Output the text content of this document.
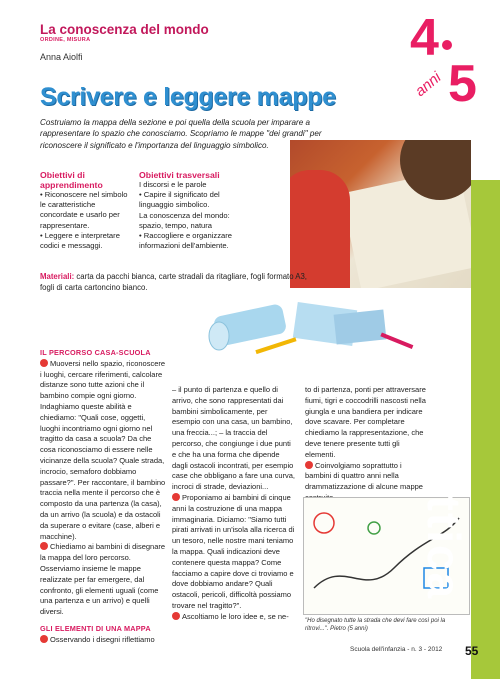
La conoscenza del mondo
ORDINE, MISURA
Anna Aiolfi	4
anni 5
Scrivere e leggere mappe
Costruiamo la mappa della sezione e poi quella della scuola per imparare a rappresentare lo spazio che conosciamo. Scopriamo le mappe "dei grandi" per riconoscere il significato e l'importanza del linguaggio simbolico.
Obiettivi di apprendimento
• Riconoscere nel simbolo le caratteristiche concordate e usarlo per rappresentare.
• Leggere e interpretare codici e messaggi.
Obiettivi trasversali
I discorsi e le parole
• Capire il significato del linguaggio simbolico.
La conoscenza del mondo: spazio, tempo, natura
• Raccogliere e organizzare informazioni dell'ambiente.
Materiali: carta da pacchi bianca, carte stradali da ritagliare, fogli formato A3, fogli di carta cartoncino bianco.
IL PERCORSO CASA-SCUOLA
Muoversi nello spazio, riconoscere i luoghi, cercare riferimenti, calcolare distanze sono tutte azioni che il bambino compie ogni giorno. Indaghiamo queste abilità e chiediamo: "Quali cose, oggetti, luoghi incontriamo ogni giorno nel tragitto da casa a scuola? Da che cosa riconosciamo di essere nelle vicinanze della scuola? Quale strada, incrocio, semaforo dobbiamo passare?". Per raccontare, il bambino traccia nella mente il percorso che è composto da una partenza (la casa), da un arrivo (la scuola) e da ostacoli da superare o evitare (case, alberi e macchine).
Chiediamo ai bambini di disegnare la mappa del loro percorso. Osserviamo insieme le mappe realizzate per far emergere, dal confronto, gli elementi uguali (come una partenza e un arrivo) e quelli diversi.
GLI ELEMENTI DI UNA MAPPA
Osservando i disegni riflettiamo
– il punto di partenza e quello di arrivo, che sono rappresentati dai bambini simbolicamente, per esempio con una casa, un bambino, una freccia...; – la traccia del percorso, che congiunge i due punti e che ha una forma che dipende dagli ostacoli incontrati, per esempio case che obbligano a fare una curva, incroci di strade, deviazioni...
Proponiamo ai bambini di cinque anni la costruzione di una mappa immaginaria. Diciamo: "Siamo tutti pirati arrivati in un'isola alla ricerca di un tesoro, nelle nostre mani teniamo la mappa. Quali indicazioni deve contenere questa mappa? Come facciamo a capire dove ci troviamo e dove dobbiamo andare? Quali ostacoli, pericoli, difficoltà possiamo trovare nel tragitto?".
Ascoltiamo le loro idee e, se ne-
to di partenza, ponti per attraversare fiumi, tigri e coccodrilli nascosti nella giungla e una bandiera per indicare dove scavare. Per completare chiediamo la rappresentazione, che deve tenere presente tutti gli elementi.
Coinvolgiamo soprattutto i bambini di quattro anni nella drammatizzazione di alcune mappe costruite.
"Ho disegnato tutte la strada che devi fare così poi la ritrovi...". Pietro (5 anni)
didattica
Scuola dell'infanzia - n. 3 - 2012 55
